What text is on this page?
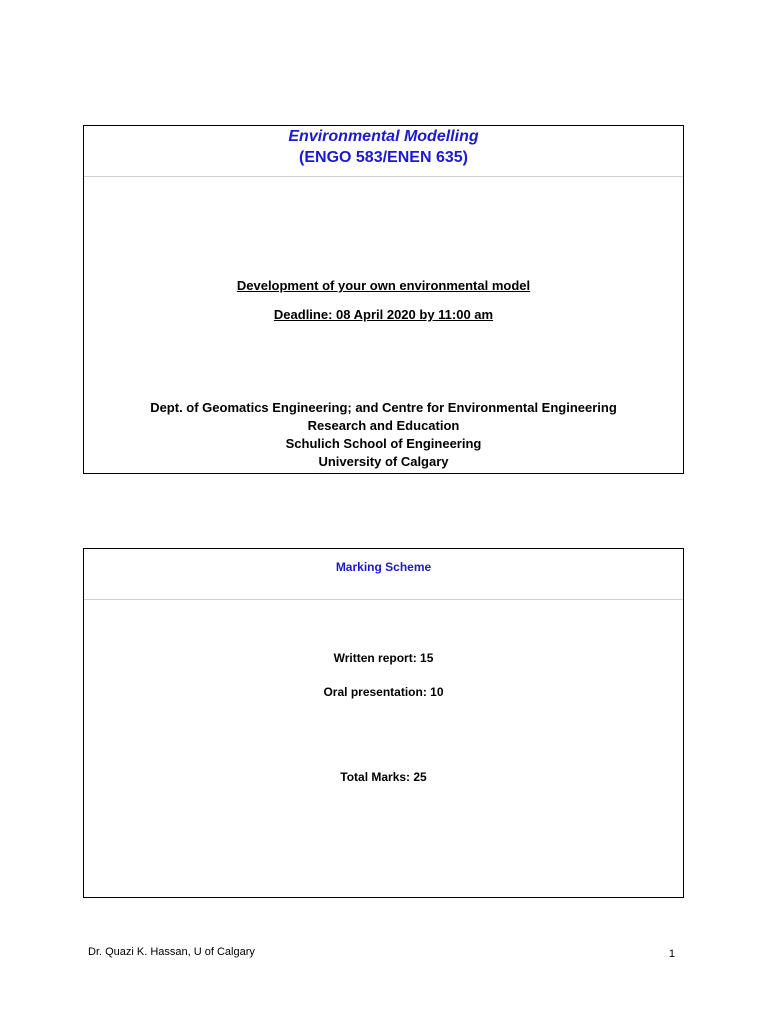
Environmental Modelling
(ENGO 583/ENEN 635)
Development of your own environmental model
Deadline: 08 April 2020 by 11:00 am
Dept. of Geomatics Engineering; and Centre for Environmental Engineering
Research and Education
Schulich School of Engineering
University of Calgary
Marking Scheme
Written report: 15
Oral presentation: 10
Total Marks: 25
Dr. Quazi K. Hassan, U of Calgary	1
